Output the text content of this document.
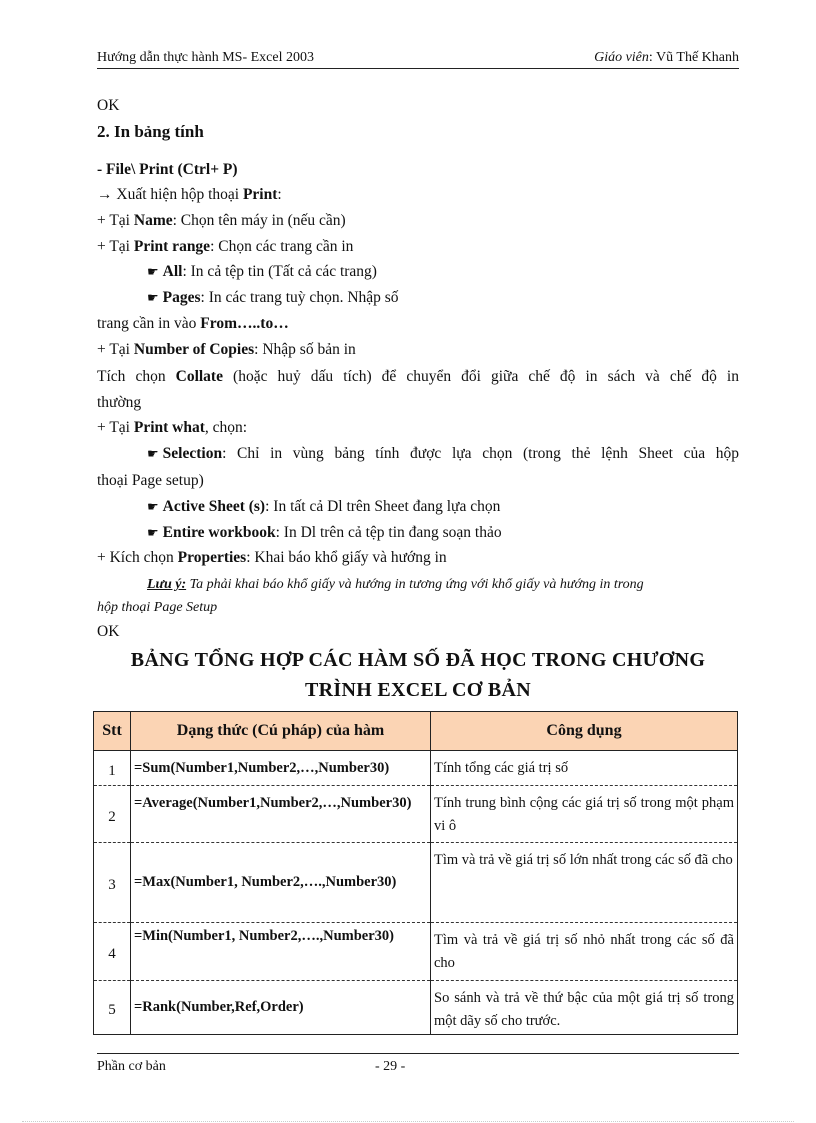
Hướng dẫn thực hành MS- Excel 2003	Giáo viên: Vũ Thế Khanh
OK
2. In bảng tính
- File\ Print (Ctrl+ P)
→ Xuất hiện hộp thoại Print:
+ Tại Name: Chọn tên máy in (nếu cần)
+ Tại Print range: Chọn các trang cần in
☛ All: In cả tệp tin (Tất cả các trang)
☛ Pages: In các trang tuỳ chọn. Nhập số
trang cần in vào From…..to…
+ Tại Number of Copies: Nhập số bản in
Tích chọn Collate (hoặc huỷ dấu tích) để chuyển đổi giữa chế độ in sách và chế độ in
thường
+ Tại Print what, chọn:
☛ Selection: Chỉ in vùng bảng tính được lựa chọn (trong thẻ lệnh Sheet của hộp
thoại Page setup)
☛ Active Sheet (s): In tất cả Dl trên Sheet đang lựa chọn
☛ Entire workbook: In Dl trên cả tệp tin đang soạn thảo
+ Kích chọn Properties: Khai báo khổ giấy và hướng in
Lưu ý: Ta phải khai báo khổ giấy và hướng in tương ứng với khổ giấy và hướng in trong
hộp thoại Page Setup
OK
BẢNG TỔNG HỢP CÁC HÀM SỐ ĐÃ HỌC TRONG CHƯƠNG
TRÌNH EXCEL CƠ BẢN
Stt	Dạng thức (Cú pháp) của hàm	Công dụng
1	=Sum(Number1,Number2,…,Number30)	Tính tổng các giá trị số
2	=Average(Number1,Number2,…,Number30)	Tính trung bình cộng các giá trị số trong một phạm vi ô
3	=Max(Number1, Number2,….,Number30)	Tìm và trả về giá trị số lớn nhất trong các số đã cho
4	=Min(Number1, Number2,….,Number30)	Tìm và trả về giá trị số nhỏ nhất trong các số đã cho
5	=Rank(Number,Ref,Order)	So sánh và trả về thứ bậc của một giá trị số trong một dãy số cho trước.
Phần cơ bản	- 29 -
